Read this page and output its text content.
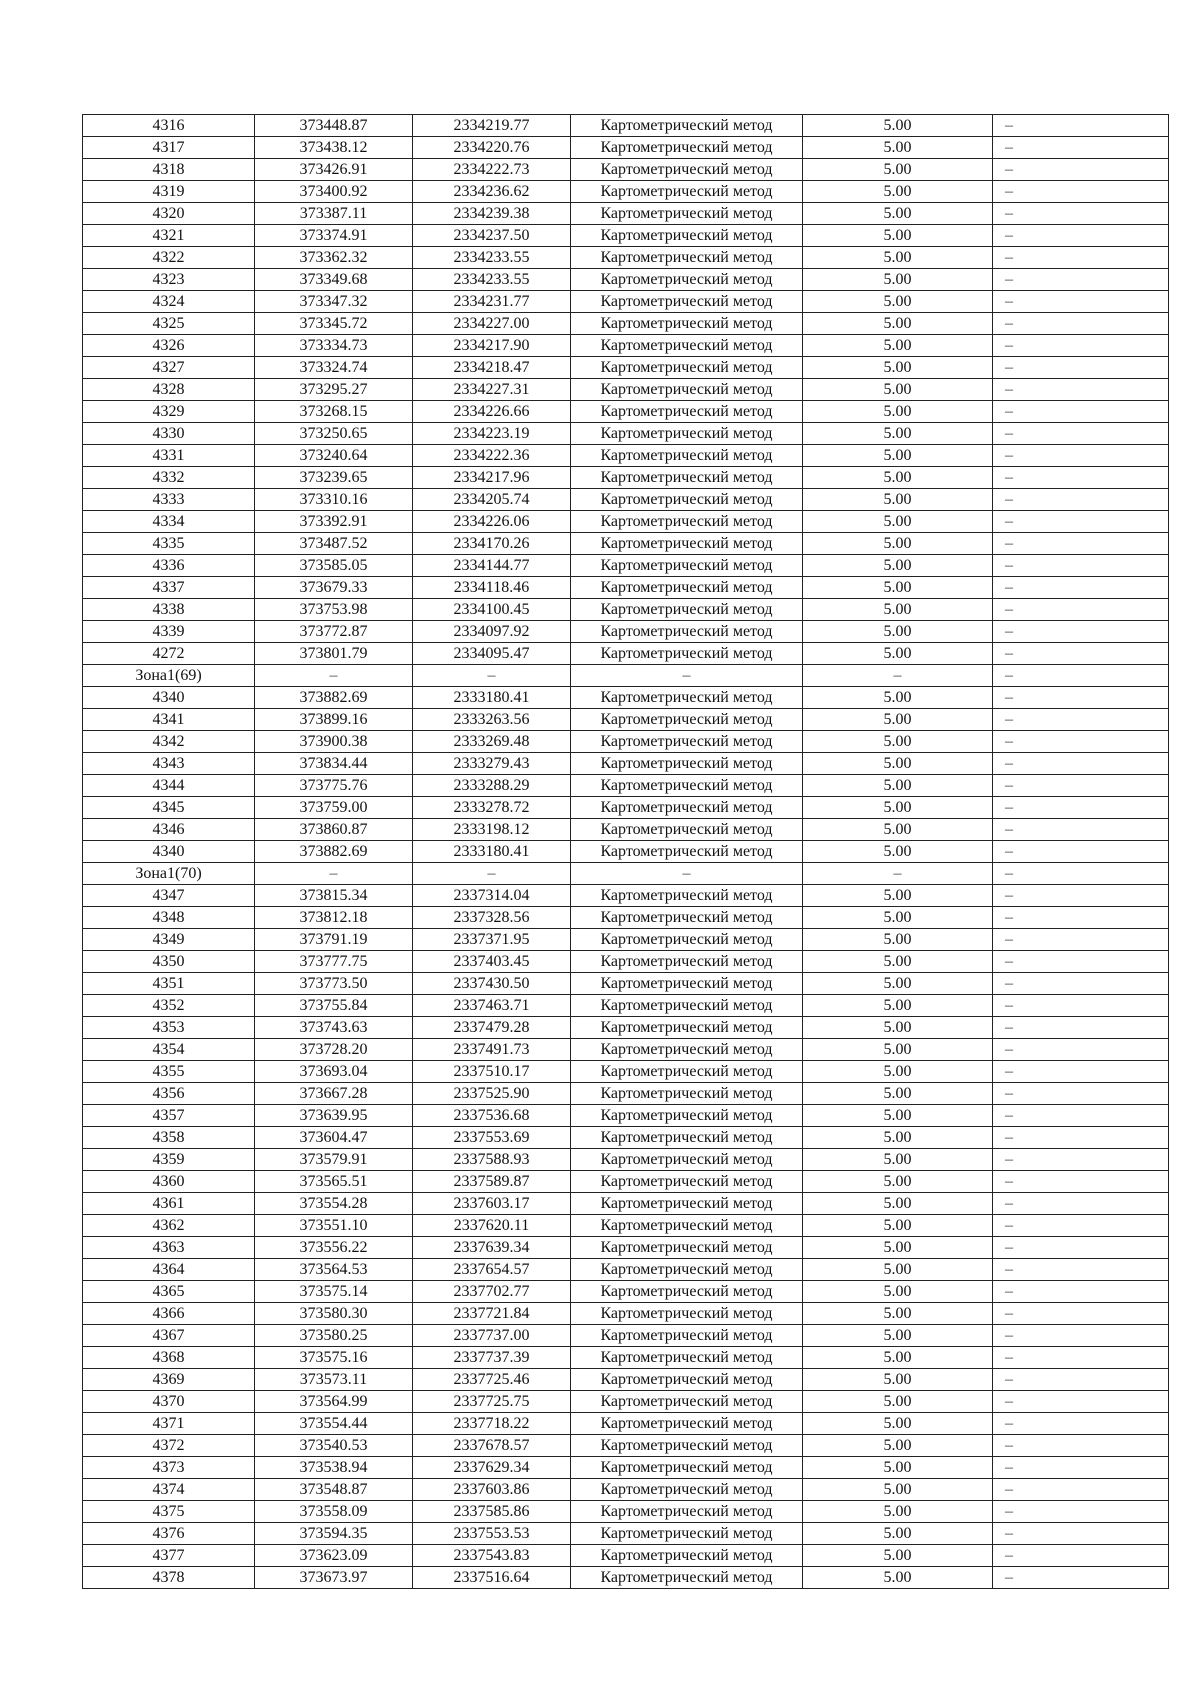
4316	373448.87	2334219.77	Картометрический метод	5.00	–
4317	373438.12	2334220.76	Картометрический метод	5.00	–
4318	373426.91	2334222.73	Картометрический метод	5.00	–
4319	373400.92	2334236.62	Картометрический метод	5.00	–
4320	373387.11	2334239.38	Картометрический метод	5.00	–
4321	373374.91	2334237.50	Картометрический метод	5.00	–
4322	373362.32	2334233.55	Картометрический метод	5.00	–
4323	373349.68	2334233.55	Картометрический метод	5.00	–
4324	373347.32	2334231.77	Картометрический метод	5.00	–
4325	373345.72	2334227.00	Картометрический метод	5.00	–
4326	373334.73	2334217.90	Картометрический метод	5.00	–
4327	373324.74	2334218.47	Картометрический метод	5.00	–
4328	373295.27	2334227.31	Картометрический метод	5.00	–
4329	373268.15	2334226.66	Картометрический метод	5.00	–
4330	373250.65	2334223.19	Картометрический метод	5.00	–
4331	373240.64	2334222.36	Картометрический метод	5.00	–
4332	373239.65	2334217.96	Картометрический метод	5.00	–
4333	373310.16	2334205.74	Картометрический метод	5.00	–
4334	373392.91	2334226.06	Картометрический метод	5.00	–
4335	373487.52	2334170.26	Картометрический метод	5.00	–
4336	373585.05	2334144.77	Картометрический метод	5.00	–
4337	373679.33	2334118.46	Картометрический метод	5.00	–
4338	373753.98	2334100.45	Картометрический метод	5.00	–
4339	373772.87	2334097.92	Картометрический метод	5.00	–
4272	373801.79	2334095.47	Картометрический метод	5.00	–
Зона1(69)	–	–	–	–	–
4340	373882.69	2333180.41	Картометрический метод	5.00	–
4341	373899.16	2333263.56	Картометрический метод	5.00	–
4342	373900.38	2333269.48	Картометрический метод	5.00	–
4343	373834.44	2333279.43	Картометрический метод	5.00	–
4344	373775.76	2333288.29	Картометрический метод	5.00	–
4345	373759.00	2333278.72	Картометрический метод	5.00	–
4346	373860.87	2333198.12	Картометрический метод	5.00	–
4340	373882.69	2333180.41	Картометрический метод	5.00	–
Зона1(70)	–	–	–	–	–
4347	373815.34	2337314.04	Картометрический метод	5.00	–
4348	373812.18	2337328.56	Картометрический метод	5.00	–
4349	373791.19	2337371.95	Картометрический метод	5.00	–
4350	373777.75	2337403.45	Картометрический метод	5.00	–
4351	373773.50	2337430.50	Картометрический метод	5.00	–
4352	373755.84	2337463.71	Картометрический метод	5.00	–
4353	373743.63	2337479.28	Картометрический метод	5.00	–
4354	373728.20	2337491.73	Картометрический метод	5.00	–
4355	373693.04	2337510.17	Картометрический метод	5.00	–
4356	373667.28	2337525.90	Картометрический метод	5.00	–
4357	373639.95	2337536.68	Картометрический метод	5.00	–
4358	373604.47	2337553.69	Картометрический метод	5.00	–
4359	373579.91	2337588.93	Картометрический метод	5.00	–
4360	373565.51	2337589.87	Картометрический метод	5.00	–
4361	373554.28	2337603.17	Картометрический метод	5.00	–
4362	373551.10	2337620.11	Картометрический метод	5.00	–
4363	373556.22	2337639.34	Картометрический метод	5.00	–
4364	373564.53	2337654.57	Картометрический метод	5.00	–
4365	373575.14	2337702.77	Картометрический метод	5.00	–
4366	373580.30	2337721.84	Картометрический метод	5.00	–
4367	373580.25	2337737.00	Картометрический метод	5.00	–
4368	373575.16	2337737.39	Картометрический метод	5.00	–
4369	373573.11	2337725.46	Картометрический метод	5.00	–
4370	373564.99	2337725.75	Картометрический метод	5.00	–
4371	373554.44	2337718.22	Картометрический метод	5.00	–
4372	373540.53	2337678.57	Картометрический метод	5.00	–
4373	373538.94	2337629.34	Картометрический метод	5.00	–
4374	373548.87	2337603.86	Картометрический метод	5.00	–
4375	373558.09	2337585.86	Картометрический метод	5.00	–
4376	373594.35	2337553.53	Картометрический метод	5.00	–
4377	373623.09	2337543.83	Картометрический метод	5.00	–
4378	373673.97	2337516.64	Картометрический метод	5.00	–
